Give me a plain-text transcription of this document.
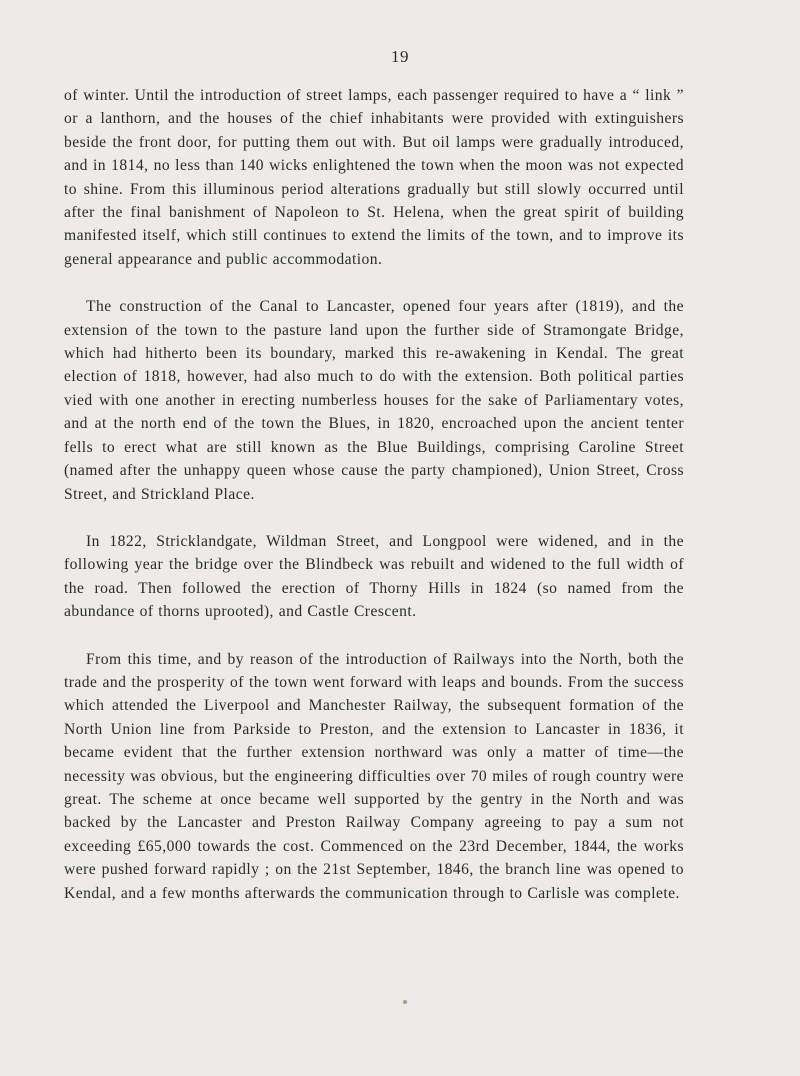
19

of winter. Until the introduction of street lamps, each passenger required to have a “ link ” or a lanthorn, and the houses of the chief inhabitants were provided with extinguishers beside the front door, for putting them out with. But oil lamps were gradually introduced, and in 1814, no less than 140 wicks enlightened the town when the moon was not expected to shine. From this illuminous period alterations gradually but still slowly occurred until after the final banishment of Napoleon to St. Helena, when the great spirit of building manifested itself, which still continues to extend the limits of the town, and to improve its general appearance and public accommodation.

The construction of the Canal to Lancaster, opened four years after (1819), and the extension of the town to the pasture land upon the further side of Stramongate Bridge, which had hitherto been its boundary, marked this re-awakening in Kendal. The great election of 1818, however, had also much to do with the extension. Both political parties vied with one another in erecting numberless houses for the sake of Parliamentary votes, and at the north end of the town the Blues, in 1820, encroached upon the ancient tenter fells to erect what are still known as the Blue Buildings, comprising Caroline Street (named after the unhappy queen whose cause the party championed), Union Street, Cross Street, and Strickland Place.

In 1822, Stricklandgate, Wildman Street, and Longpool were widened, and in the following year the bridge over the Blindbeck was rebuilt and widened to the full width of the road. Then followed the erection of Thorny Hills in 1824 (so named from the abundance of thorns uprooted), and Castle Crescent.

From this time, and by reason of the introduction of Railways into the North, both the trade and the prosperity of the town went forward with leaps and bounds. From the success which attended the Liverpool and Manchester Railway, the subsequent formation of the North Union line from Parkside to Preston, and the extension to Lancaster in 1836, it became evident that the further extension northward was only a matter of time—the necessity was obvious, but the engineering difficulties over 70 miles of rough country were great. The scheme at once became well supported by the gentry in the North and was backed by the Lancaster and Preston Railway Company agreeing to pay a sum not exceeding £65,000 towards the cost. Commenced on the 23rd December, 1844, the works were pushed forward rapidly ; on the 21st September, 1846, the branch line was opened to Kendal, and a few months afterwards the communication through to Carlisle was complete.
